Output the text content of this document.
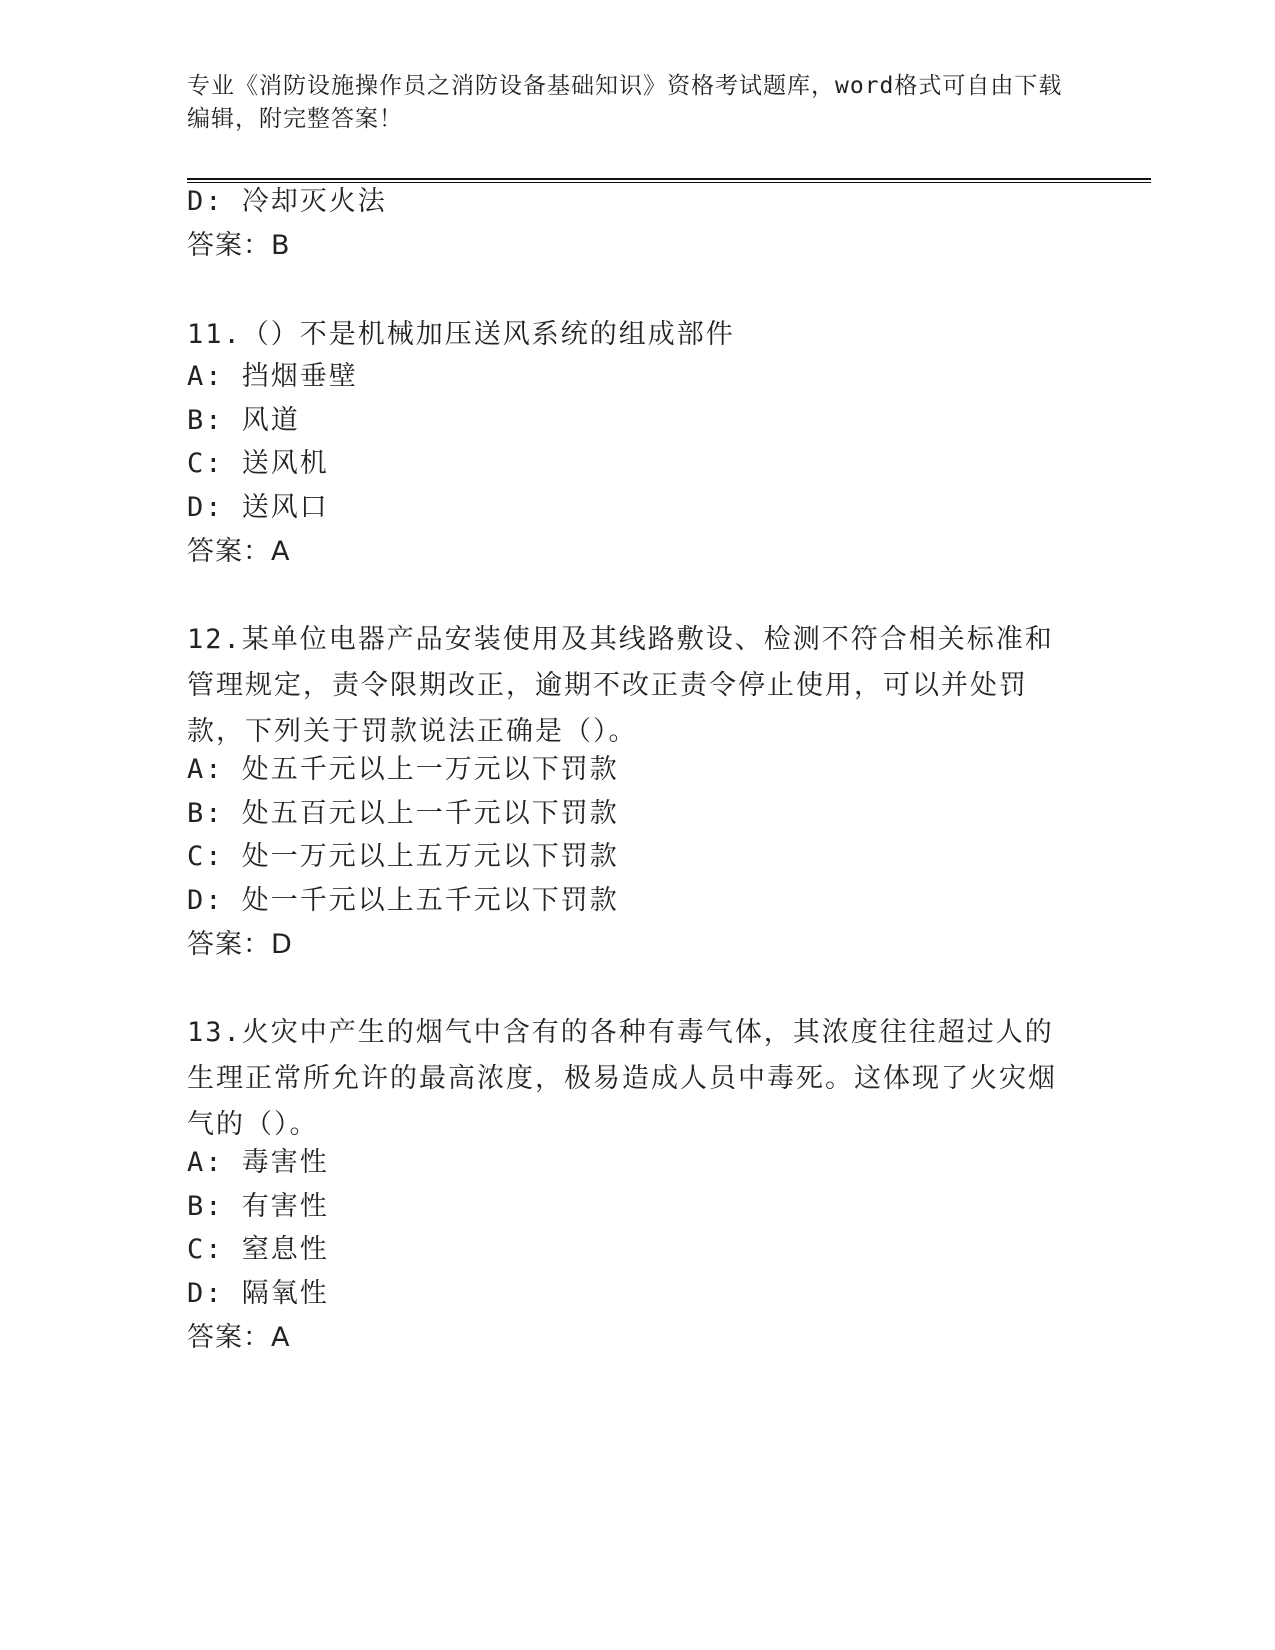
专业《消防设施操作员之消防设备基础知识》资格考试题库，word格式可自由下载编辑，附完整答案！
D: 冷却灭火法
答案：B
11.（）不是机械加压送风系统的组成部件
A: 挡烟垂壁
B: 风道
C: 送风机
D: 送风口
答案：A
12.某单位电器产品安装使用及其线路敷设、检测不符合相关标准和管理规定，责令限期改正，逾期不改正责令停止使用，可以并处罚款，下列关于罚款说法正确是（）。
A: 处五千元以上一万元以下罚款
B: 处五百元以上一千元以下罚款
C: 处一万元以上五万元以下罚款
D: 处一千元以上五千元以下罚款
答案：D
13.火灾中产生的烟气中含有的各种有毒气体，其浓度往往超过人的生理正常所允许的最高浓度，极易造成人员中毒死。这体现了火灾烟气的（）。
A: 毒害性
B: 有害性
C: 窒息性
D: 隔氧性
答案：A
